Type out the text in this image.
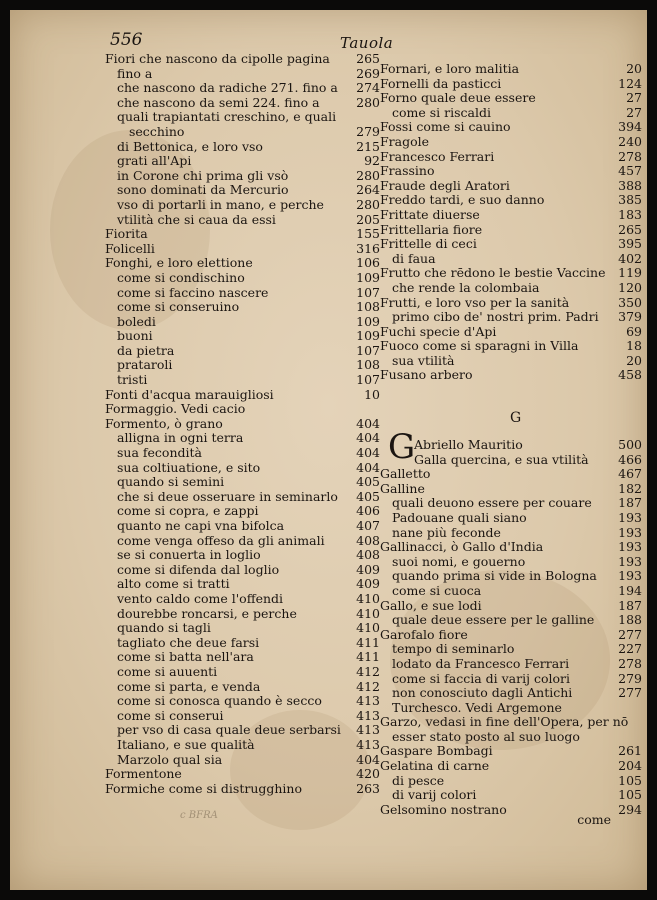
556	Tauola
Fiori che nascono da cipolle pagina 265
fino a	269
che nascono da radiche 271. fino a 274
che nascono da semi 224. fino a	280
quali trapiantati creschino, e quali
secchino	279
di Bettonica, e loro vso	215
grati all'Api	92
in Corone chi prima gli vsò	280
sono dominati da Mercurio	264
vso di portarli in mano, e perche	280
vtilità che si caua da essi	205
Fiorita	155
Folicelli	316
Fonghi, e loro elettione	106
come si condischino	109
come si faccino nascere	107
come si conseruino	108
boledi	109
buoni	109
da pietra	107
prataroli	108
tristi	107
Fonti d'acqua marauigliosi	10
Formaggio. Vedi cacio
Formento, ò grano	404
alligna in ogni terra	404
sua fecondità	404
sua coltiuatione, e sito	404
quando si semini	405
che si deue osseruare in seminarlo 405
come si copra, e zappi	406
quanto ne capi vna bifolca	407
come venga offeso da gli animali	408
se si conuerta in loglio	408
come si difenda dal loglio	409
alto come si tratti	409
vento caldo come l'offendi	410
dourebbe roncarsi, e perche	410
quando si tagli	410
tagliato che deue farsi	411
come si batta nell'ara	411
come si auuenti	412
come si parta, e venda	412
come si conosca quando è secco	413
come si conserui	413
per vso di casa quale deue serbarsi 413
Italiano, e sue qualità	413
Marzolo qual sia	404
Formentone	420
Formiche come si distrugghino	263
Fornari, e loro malitia	20
Fornelli da pasticci	124
Forno quale deue essere	27
come si riscaldi	27
Fossi come si cauino	394
Fragole	240
Francesco Ferrari	278
Frassino	457
Fraude degli Aratori	388
Freddo tardi, e suo danno	385
Frittate diuerse	183
Frittellaria fiore	265
Frittelle di ceci	395
di faua	402
Frutto che rēdono le bestie Vaccine 119
che rende la colombaia	120
Frutti, e loro vso per la sanità	350
primo cibo de' nostri prim. Padri 379
Fuchi specie d'Api	69
Fuoco come si sparagni in Villa	18
sua vtilità	20
Fusano arbero	458
G
G
Abriello Mauritio	500
Galla quercina, e sua vtilità 466
Galletto	467
Galline	182
quali deuono essere per couare 187
Padouane quali siano	193
nane più feconde	193
Gallinacci, ò Gallo d'India	193
suoi nomi, e gouerno	193
quando prima si vide in Bologna 193
come si cuoca	194
Gallo, e sue lodi	187
quale deue essere per le galline 188
Garofalo fiore	277
tempo di seminarlo	227
lodato da Francesco Ferrari	278
come si faccia di varij colori	279
non conosciuto dagli Antichi	277
Turchesco. Vedi Argemone
Garzo, vedasi in fine dell'Opera, per nō
esser stato posto al suo luogo
Gaspare Bombagi	261
Gelatina di carne	204
di pesce	105
di varij colori	105
Gelsomino nostrano	294
c BFRA	come
